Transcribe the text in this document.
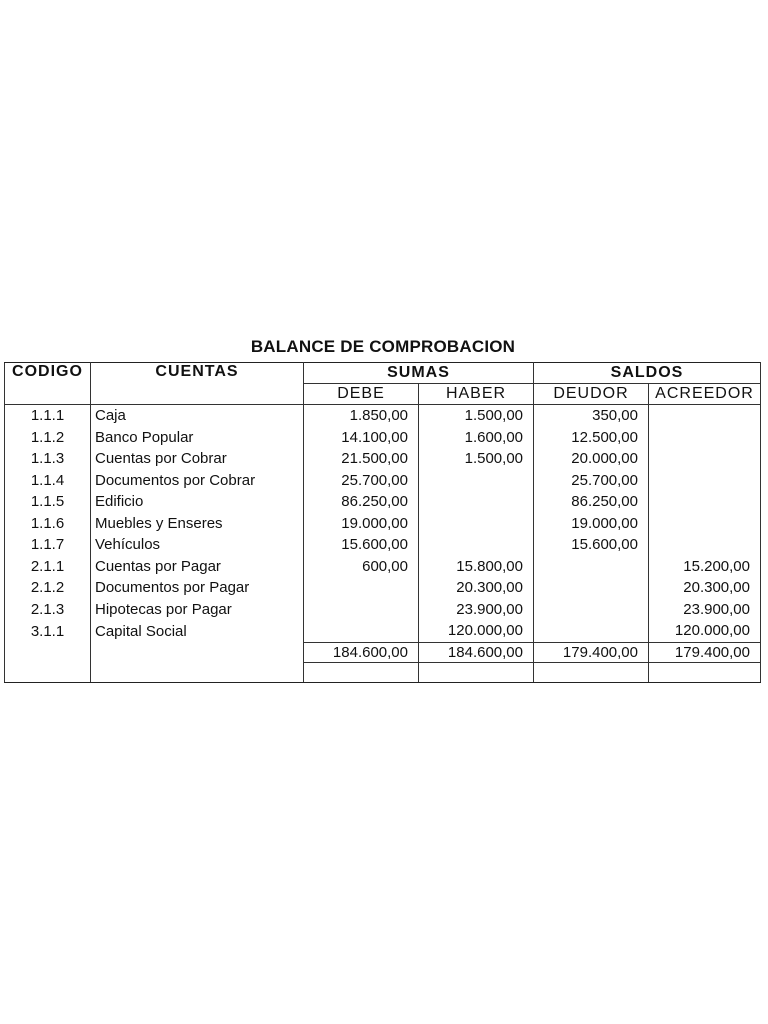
BALANCE DE COMPROBACION
CODIGO	CUENTAS	SUMAS		SALDOS	
		DEBE	HABER	DEUDOR	ACREEDOR
1.1.1	Caja	1.850,00	1.500,00	350,00	
1.1.2	Banco Popular	14.100,00	1.600,00	12.500,00	
1.1.3	Cuentas por Cobrar	21.500,00	1.500,00	20.000,00	
1.1.4	Documentos por Cobrar	25.700,00		25.700,00	
1.1.5	Edificio	86.250,00		86.250,00	
1.1.6	Muebles y Enseres	19.000,00		19.000,00	
1.1.7	Vehículos	15.600,00		15.600,00	
2.1.1	Cuentas por Pagar	600,00	15.800,00		15.200,00
2.1.2	Documentos por Pagar		20.300,00		20.300,00
2.1.3	Hipotecas por Pagar		23.900,00		23.900,00
3.1.1	Capital Social		120.000,00		120.000,00
		184.600,00	184.600,00	179.400,00	179.400,00
